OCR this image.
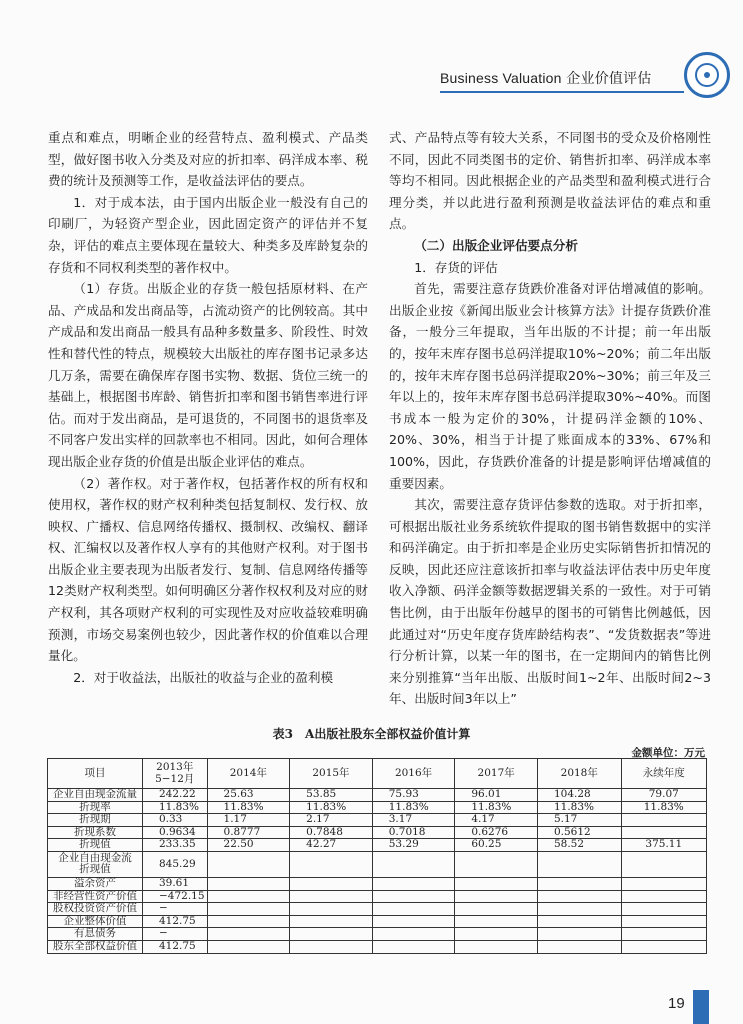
Business Valuation 企业价值评估

重点和难点，明晰企业的经营特点、盈利模式、产品类型，做好图书收入分类及对应的折扣率、码洋成本率、税费的统计及预测等工作，是收益法评估的要点。

1．对于成本法，由于国内出版企业一般没有自己的印刷厂，为轻资产型企业，因此固定资产的评估并不复杂，评估的难点主要体现在量较大、种类多及库龄复杂的存货和不同权利类型的著作权中。

（1）存货。出版企业的存货一般包括原材料、在产品、产成品和发出商品等，占流动资产的比例较高。其中产成品和发出商品一般具有品种多数量多、阶段性、时效性和替代性的特点，规模较大出版社的库存图书记录多达几万条，需要在确保库存图书实物、数据、货位三统一的基础上，根据图书库龄、销售折扣率和图书销售率进行评估。而对于发出商品，是可退货的，不同图书的退货率及不同客户发出实样的回款率也不相同。因此，如何合理体现出版企业存货的价值是出版企业评估的难点。

（2）著作权。对于著作权，包括著作权的所有权和使用权，著作权的财产权利种类包括复制权、发行权、放映权、广播权、信息网络传播权、摄制权、改编权、翻译权、汇编权以及著作权人享有的其他财产权利。对于图书出版企业主要表现为出版者发行、复制、信息网络传播等12类财产权利类型。如何明确区分著作权权利及对应的财产权利，其各项财产权利的可实现性及对应收益较难明确预测，市场交易案例也较少，因此著作权的价值难以合理量化。

2．对于收益法，出版社的收益与企业的盈利模

式、产品特点等有较大关系，不同图书的受众及价格刚性不同，因此不同类图书的定价、销售折扣率、码洋成本率等均不相同。因此根据企业的产品类型和盈利模式进行合理分类，并以此进行盈利预测是收益法评估的难点和重点。

（二）出版企业评估要点分析

1．存货的评估

首先，需要注意存货跌价准备对评估增减值的影响。出版企业按《新闻出版业会计核算方法》计提存货跌价准备，一般分三年提取，当年出版的不计提；前一年出版的，按年末库存图书总码洋提取10%~20%；前二年出版的，按年末库存图书总码洋提取20%~30%；前三年及三年以上的，按年末库存图书总码洋提取30%~40%。而图书成本一般为定价的30%，计提码洋金额的10%、20%、30%，相当于计提了账面成本的33%、67%和100%，因此，存货跌价准备的计提是影响评估增减值的重要因素。

其次，需要注意存货评估参数的选取。对于折扣率，可根据出版社业务系统软件提取的图书销售数据中的实洋和码洋确定。由于折扣率是企业历史实际销售折扣情况的反映，因此还应注意该折扣率与收益法评估表中历史年度收入净额、码洋金额等数据逻辑关系的一致性。对于可销售比例，由于出版年份越早的图书的可销售比例越低，因此通过对“历史年度存货库龄结构表”、“发货数据表”等进行分析计算，以某一年的图书，在一定期间内的销售比例来分别推算“当年出版、出版时间1~2年、出版时间2~3年、出版时间3年以上”

表3　A出版社股东全部权益价值计算
金额单位：万元
项目	2013年
5−12月	2014年	2015年	2016年	2017年	2018年	永续年度
企业自由现金流量	242.22	25.63	53.85	75.93	96.01	104.28	79.07
折现率	11.83%	11.83%	11.83%	11.83%	11.83%	11.83%	11.83%
折现期	0.33	1.17	2.17	3.17	4.17	5.17	
折现系数	0.9634	0.8777	0.7848	0.7018	0.6276	0.5612	
折现值	233.35	22.50	42.27	53.29	60.25	58.52	375.11
企业自由现金流折现值	845.29						
溢余资产	39.61						
非经营性资产价值	−472.15						
股权投资资产价值	−						
企业整体价值	412.75						
有息债务	−						
股东全部权益价值	412.75						
19
